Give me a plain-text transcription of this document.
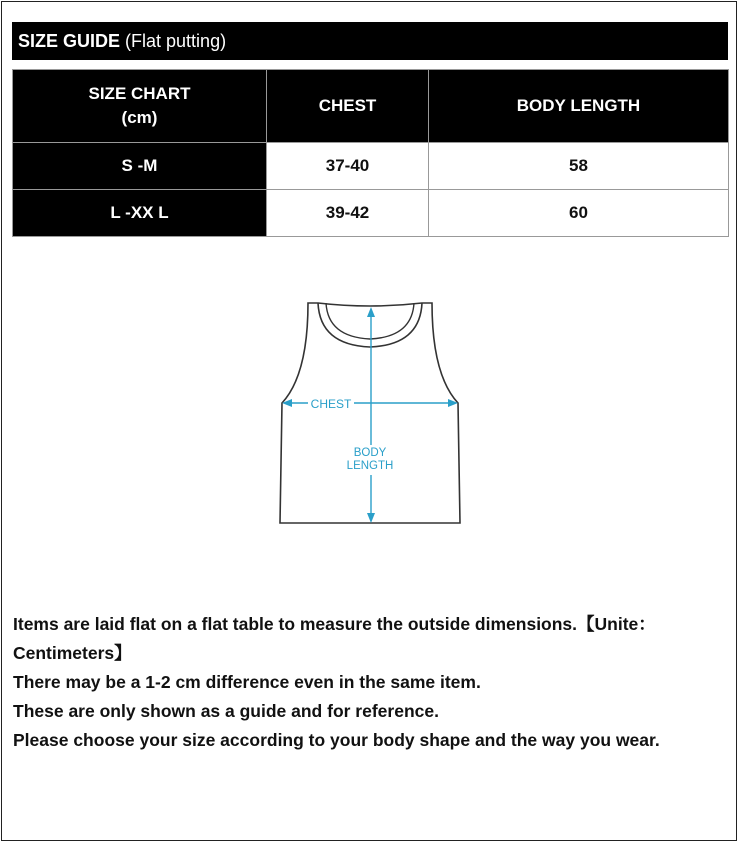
SIZE GUIDE
(Flat putting)
SIZE CHART
(cm)	CHEST	BODY LENGTH
S -M	37-40	58
L -XX L	39-42	60
CHEST
BODY
LENGTH
Items are laid flat on a flat table to measure the outside dimensions.【Unite：
Centimeters】
There may be a 1-2 cm difference even in the same item.
These are only shown as a guide and for reference.
Please choose your size according to your body shape and the way you wear.
